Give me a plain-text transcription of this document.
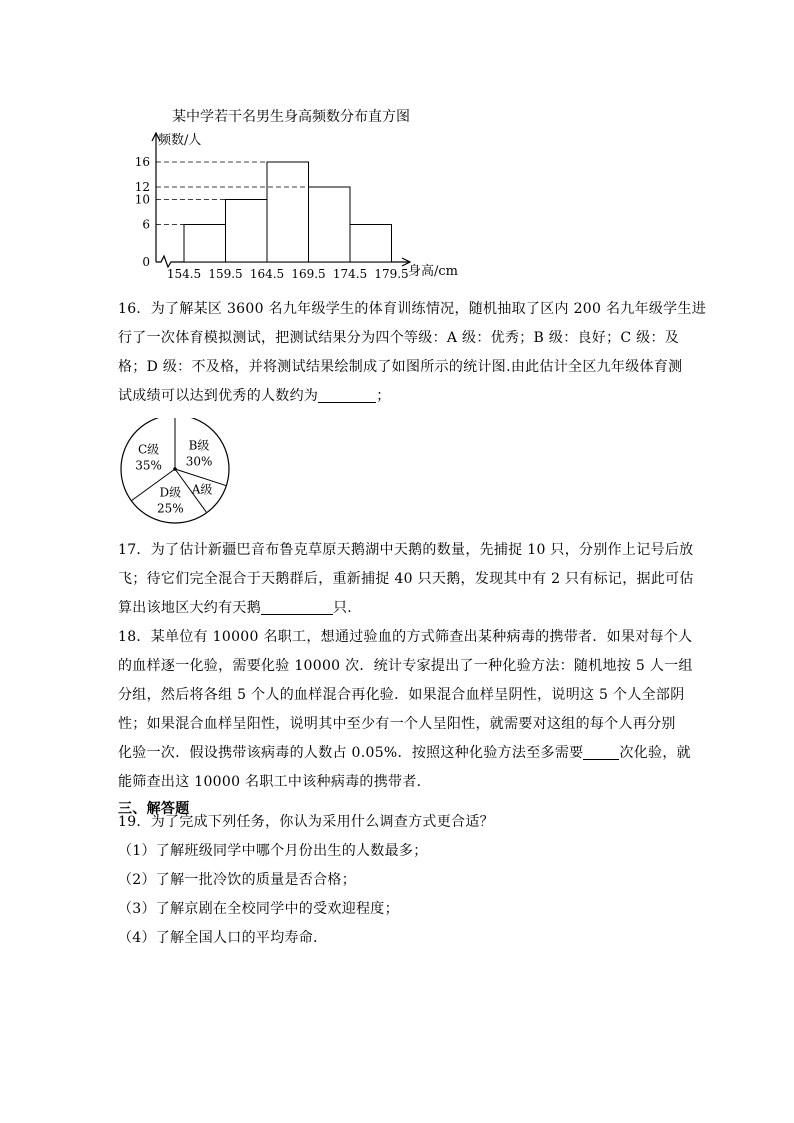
某中学若干名男生身高频数分布直方图
频数/人
身高/cm
0
6
10
12
16
154.5 159.5 164.5 169.5 174.5 179.5
16．为了解某区 3600 名九年级学生的体育训练情况，随机抽取了区内 200 名九年级学生进
行了一次体育模拟测试，把测试结果分为四个等级：A 级：优秀；B 级：良好；C 级：及
格；D 级：不及格，并将测试结果绘制成了如图所示的统计图.由此估计全区九年级体育测
试成绩可以达到优秀的人数约为	；
B级
30%
A级
D级
25%
C级
35%
17．为了估计新疆巴音布鲁克草原天鹅湖中天鹅的数量，先捕捉 10 只，分别作上记号后放
飞；待它们完全混合于天鹅群后，重新捕捉 40 只天鹅，发现其中有 2 只有标记，据此可估
算出该地区大约有天鹅	只.
18．某单位有 10000 名职工，想通过验血的方式筛查出某种病毒的携带者．如果对每个人
的血样逐一化验，需要化验 10000 次．统计专家提出了一种化验方法：随机地按 5 人一组
分组，然后将各组 5 个人的血样混合再化验．如果混合血样呈阴性，说明这 5 个人全部阴
性；如果混合血样呈阳性，说明其中至少有一个人呈阳性，就需要对这组的每个人再分别
化验一次．假设携带该病毒的人数占 0.05%．按照这种化验方法至多需要	次化验，就
能筛查出这 10000 名职工中该种病毒的携带者．
三、解答题
19．为了完成下列任务，你认为采用什么调查方式更合适？
（1）了解班级同学中哪个月份出生的人数最多；
（2）了解一批冷饮的质量是否合格；
（3）了解京剧在全校同学中的受欢迎程度；
（4）了解全国人口的平均寿命．
